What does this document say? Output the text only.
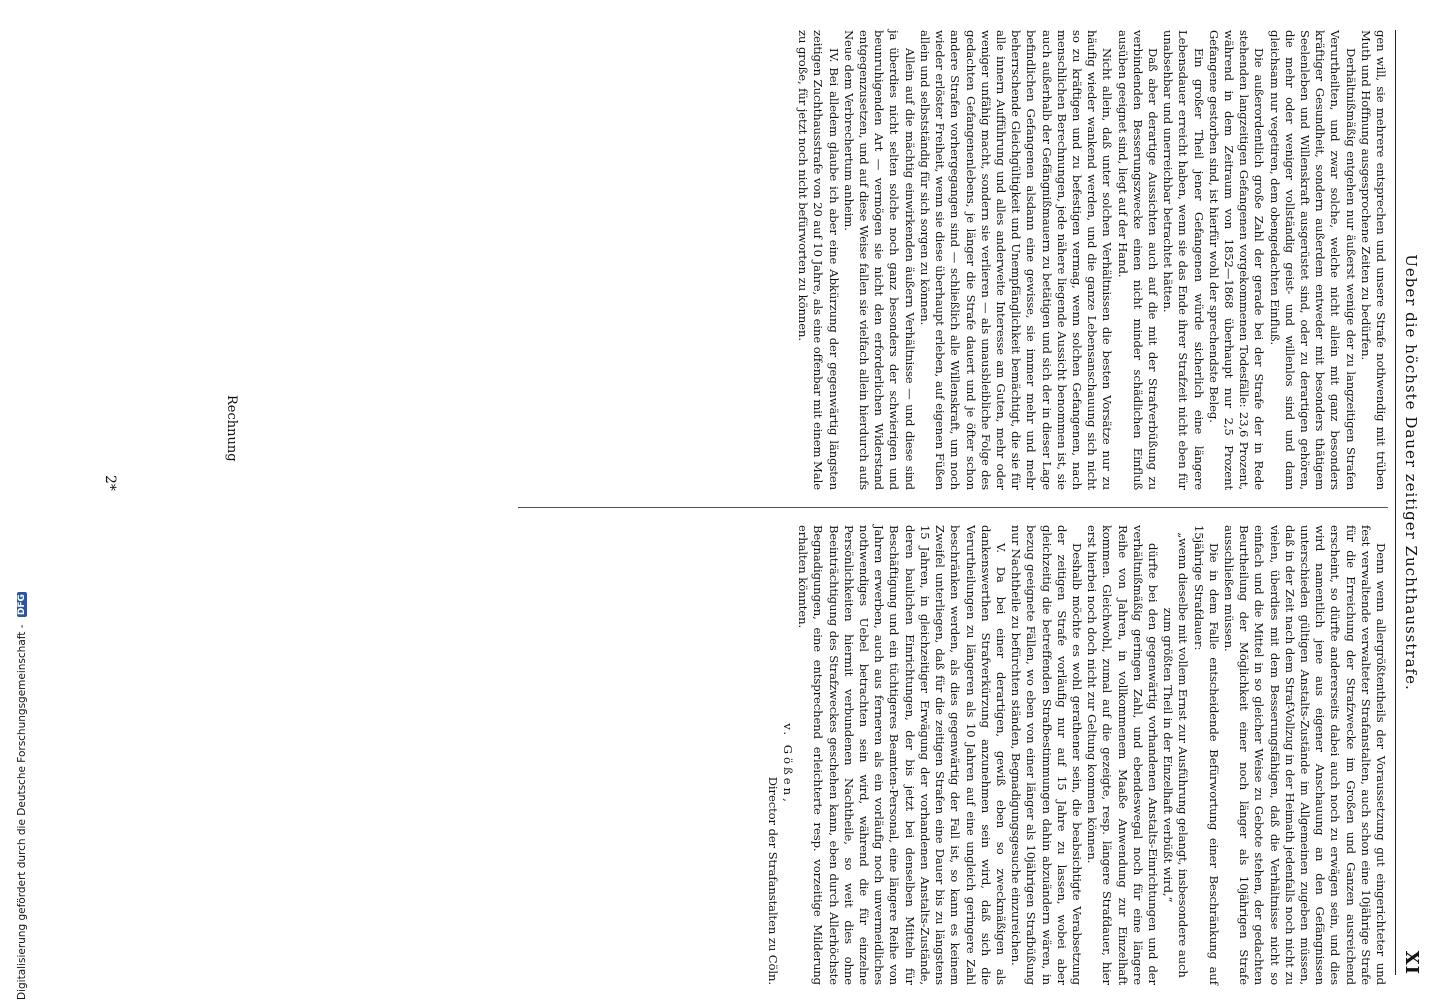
Ueber die höchste Dauer zeitiger Zuchthausstrafe.
XI

gen will, sie mehrere entsprechen und unsere Strafe nothwendig mit trüben Muth und Hoffnung ausgesprochene Zeiten zu bedürfen.

Derhältnißmäßig entgehen nur äußerst wenige der zu langzeitigen Strafen Verurtheilten, und zwar solche, welche nicht allein mit ganz besonders kräftiger Gesundheit, sondern außerdem entweder mit besonders thätigem Seelenleben und Willenskraft ausgerüstet sind, oder zu derartigen gehören, die mehr oder weniger vollständig geist- und willenlos sind und dann gleichsam nur vegetiren, dem obengedachten Einfluß.

Die außerordentlich große Zahl der gerade bei der Strafe der in Rede stehenden langzeitigen Gefangenen vorgekommenen Todesfälle: 23,6 Prozent, während in dem Zeitraum von 1852—1868 überhaupt nur 2,5 Prozent Gefangene gestorben sind, ist hierfür wohl der sprechendste Beleg.

Ein großer Theil jener Gefangenen würde sicherlich eine längere Lebensdauer erreicht haben, wenn sie das Ende ihrer Strafzeit nicht eben für unabsehbar und unerreichbar betrachtet hätten.

Daß aber derartige Aussichten auch auf die mit der Strafverbüßung zu verbindenden Besserungszwecke einen nicht minder schädlichen Einfluß ausüben geeignet sind, liegt auf der Hand.

Nicht allein, daß unter solchen Verhältnissen die besten Vorsätze nur zu häufig wieder wankend werden, und die ganze Lebensanschauung sich nicht so zu kräftigen und zu befestigen vermag, wenn solchen Gefangenen, nach menschlichen Berechnungen, jede nähere liegende Aussicht benommen ist, sie auch außerhalb der Gefängnißmauern zu betätigen und sich der in dieser Lage befindlichen Gefangenen alsdann eine gewisse, sie immer mehr und mehr beherrschende Gleichgültigkeit und Unempfänglichkeit bemächtigt, die sie für alle innern Aufführung und alles anderweite Interesse am Guten, mehr oder weniger unfähig macht, sondern sie verlieren — als unausbleibliche Folge des gedachten Gefangenenlebens, je länger die Strafe dauert und je öfter schon andere Strafen vorhergegangen sind — schließlich alle Willenskraft, um noch wieder erlöster Freiheit, wenn sie diese überhaupt erleben, auf eigenen Füßen allein und selbstständig für sich sorgen zu können.

Allein auf die mächtig einwirkenden äußern Verhältnisse — und diese sind ja überdies nicht selten solche noch ganz besonders der schwierigen und beunruhigenden Art — vermögen sie nicht den erforderlichen Widerstand entgegenzusetzen, und auf diese Weise fallen sie vielfach allein hierdurch aufs Neue dem Verbrechertum anheim.

IV. Bei alledem glaube ich aber eine Abkürzung der gegenwärtig längsten zeitigen Zuchthausstrafe von 20 auf 10 Jahre, als eine offenbar mit einem Male zu große, für jetzt noch nicht befürworten zu können.

Denn wenn allergrößtentheils der Voraussetzung gut eingerichteter und fest verwaltende verwalteter Strafanstalten, auch schon eine 10jährige Strafe für die Erreichung der Strafzwecke im Großen und Ganzen ausreichend erscheint, so dürfte andererseits dabei auch noch zu erwägen sein, und dies wird namentlich jene aus eigener Anschauung an den Gefängnissen unterschieden gültigen Anstalts-Zustände im Allgemeinen zugeben müssen, daß in der Zeit nach dem Straf-Vollzug in der Heimath jedenfalls noch nicht zu vielen, überdies mit dem Besserungsfähigen, daß die Verhältnisse nicht so einfach und die Mittel in so gleicher Weise zu Gebote stehen, der gedachten Beurtheilung der Möglichkeit einer noch länger als 10jährigen Strafe ausschließen müssen.

Die in dem Falle entscheidende Befürwortung einer Beschränkung auf 15jährige Strafdauer:

„wenn dieselbe mit vollem Ernst zur Ausführung gelangt, insbesondere auch zum größten Theil in der Einzelhaft verbüßt wird,“

dürfte bei den gegenwärtig vorhandenen Anstalts-Einrichtungen und der verhältnißmäßig geringen Zahl, und ebendeswegal noch für eine längere Reihe von Jahren, in vollkommenem Maaße Anwendung zur Einzelhaft kommen. Gleichwohl, zumal auf die gezeigte, resp. längere Strafdauer, hier erst hierbei noch doch nicht zur Geltung kommen können.

Deshalb möchte es wohl gerathener sein, die beabsichtigte Verabsetzung der zeitigen Strafe vorläufig nur auf 15 Jahre zu lassen, wobei aber gleichzeitig die betreffenden Strafbestimmungen dahin abzuändern wären, in bezug geeignete Fällen, wo eben von einer länger als 10jährigen Strafbüßung nur Nachtheile zu befürchten ständen, Begnadigungsgesuche einzureichen.

V. Da bei einer derartigen, gewiß eben so zweckmäßigen als dankenswerthen Strafverkürzung anzunehmen sein wird, daß sich die Verurtheilungen zu längeren als 10 Jahren auf eine ungleich geringere Zahl beschränken werden, als dies gegenwärtig der Fall ist, so kann es keinem Zweifel unterliegen, daß für die zeitigen Strafen eine Dauer bis zu längstens 15 Jahren, in gleichzeitiger Erwägung der vorhandenen Anstalts-Zustände, deren baulichen Einrichtungen, der bis jetzt bei denselben Mitteln für Beschäftigung und ein tüchtigeres Beamten-Personal, eine längere Reihe von Jahren erwerben, auch aus ferneren als ein vorläufig noch unvermeidliches nothwendiges Uebel betrachten sein wird, während die für einzelne Persönlichkeiten hiermit verbundenen Nachtheile, so weit dies ohne Beeinträchtigung des Strafzweckes geschehen kann, eben durch Allerhöchste Begnadigungen, eine entsprechend erleichterte resp. vorzeitige Milderung erhalten könnten.

v. Gößen,
Director der Strafanstalten zu Cöln.

Rechnung
2*
Digitalisierung gefördert durch die Deutsche Forschungsgemeinschaft - DFG
